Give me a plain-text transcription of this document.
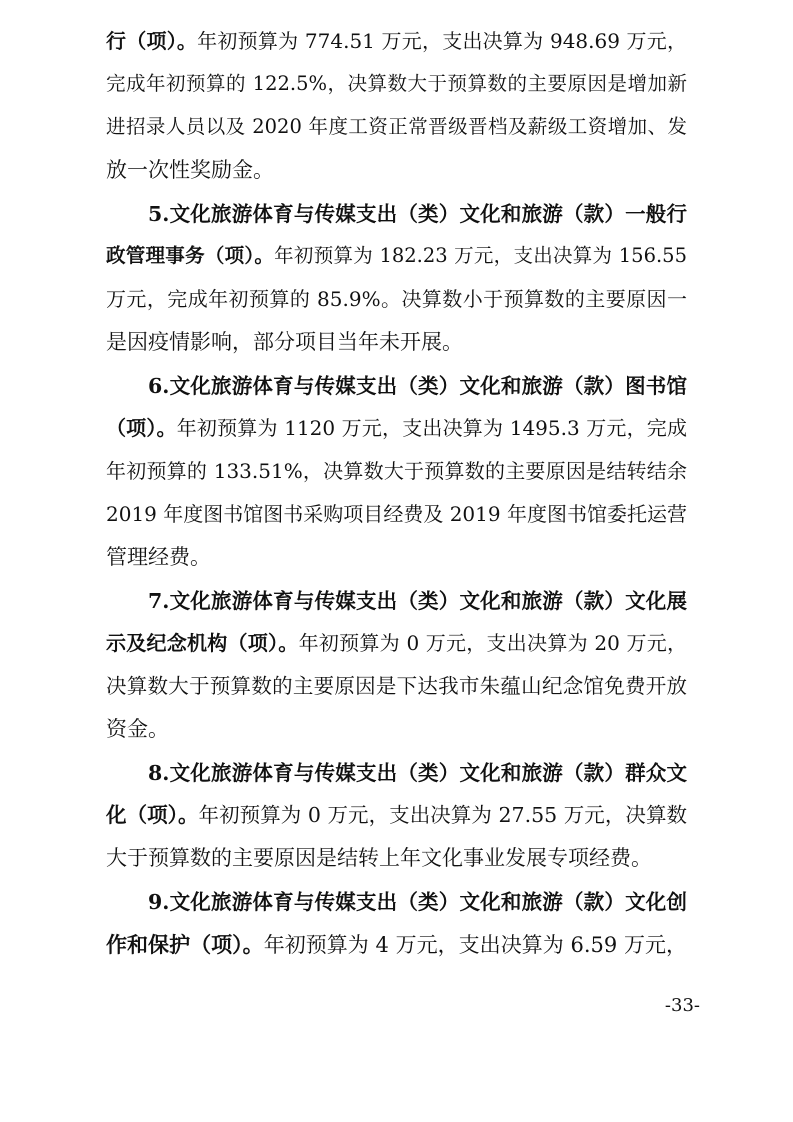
行（项）。年初预算为 774.51 万元，支出决算为 948.69 万元，
完成年初预算的 122.5%，决算数大于预算数的主要原因是增加新
进招录人员以及 2020 年度工资正常晋级晋档及薪级工资增加、发
放一次性奖励金。
5.文化旅游体育与传媒支出（类）文化和旅游（款）一般行
政管理事务（项）。年初预算为 182.23 万元，支出决算为 156.55
万元，完成年初预算的 85.9%。决算数小于预算数的主要原因一
是因疫情影响，部分项目当年未开展。
6.文化旅游体育与传媒支出（类）文化和旅游（款）图书馆
（项）。年初预算为 1120 万元，支出决算为 1495.3 万元，完成
年初预算的 133.51%，决算数大于预算数的主要原因是结转结余
2019 年度图书馆图书采购项目经费及 2019 年度图书馆委托运营
管理经费。
7.文化旅游体育与传媒支出（类）文化和旅游（款）文化展
示及纪念机构（项）。年初预算为 0 万元，支出决算为 20 万元，
决算数大于预算数的主要原因是下达我市朱蕴山纪念馆免费开放
资金。
8.文化旅游体育与传媒支出（类）文化和旅游（款）群众文
化（项）。年初预算为 0 万元，支出决算为 27.55 万元，决算数
大于预算数的主要原因是结转上年文化事业发展专项经费。
9.文化旅游体育与传媒支出（类）文化和旅游（款）文化创
作和保护（项）。年初预算为 4 万元，支出决算为 6.59 万元，
-33-
